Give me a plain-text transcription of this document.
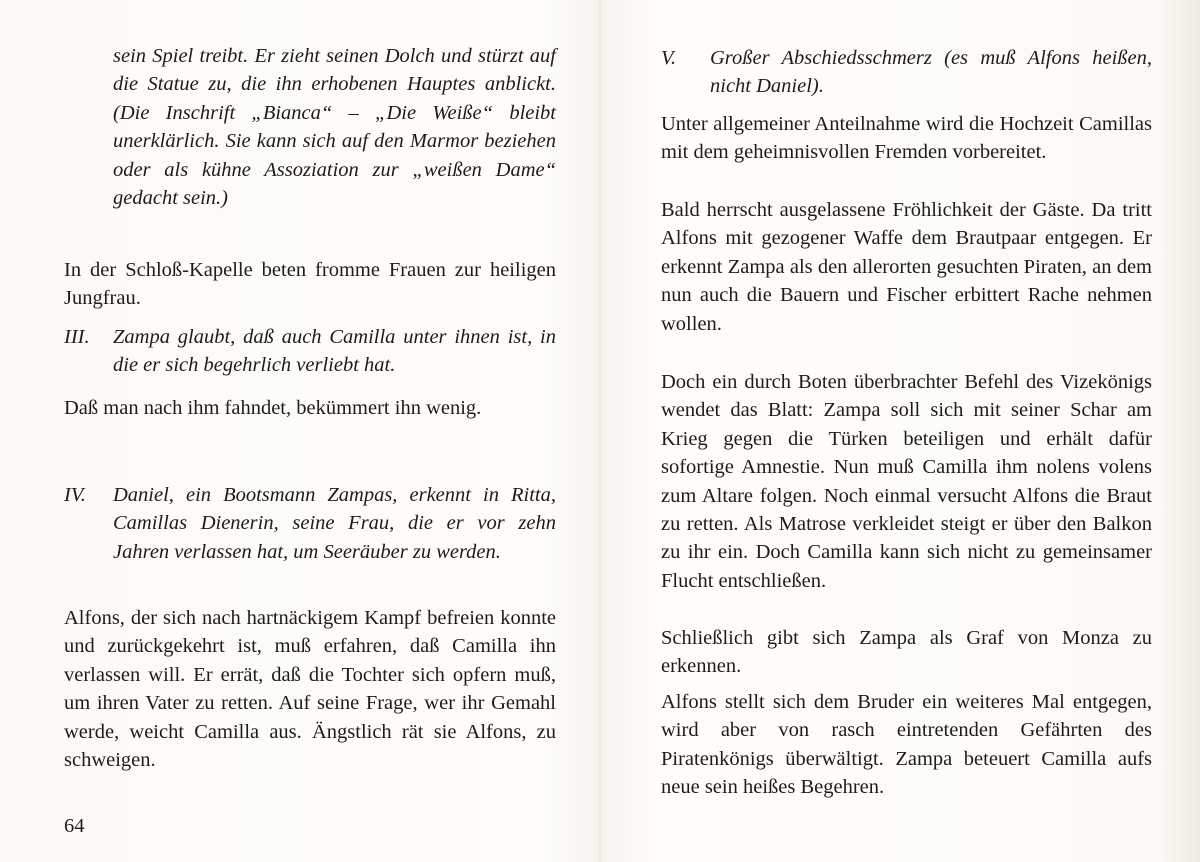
sein Spiel treibt. Er zieht seinen Dolch und stürzt auf die Statue zu, die ihn erhobenen Hauptes anblickt. (Die Inschrift „Bianca“ – „Die Weiße“ bleibt unerklärlich. Sie kann sich auf den Marmor beziehen oder als kühne Assoziation zur „weißen Dame“ gedacht sein.)

In der Schloß-Kapelle beten fromme Frauen zur heiligen Jungfrau.

III.	Zampa glaubt, daß auch Camilla unter ihnen ist, in die er sich begehrlich verliebt hat.

Daß man nach ihm fahndet, bekümmert ihn wenig.

IV.	Daniel, ein Bootsmann Zampas, erkennt in Ritta, Camillas Dienerin, seine Frau, die er vor zehn Jahren verlassen hat, um Seeräuber zu werden.

Alfons, der sich nach hartnäckigem Kampf befreien konnte und zurückgekehrt ist, muß erfahren, daß Camilla ihn verlassen will. Er errät, daß die Tochter sich opfern muß, um ihren Vater zu retten. Auf seine Frage, wer ihr Gemahl werde, weicht Camilla aus. Ängstlich rät sie Alfons, zu schweigen.

64

V.	Großer Abschiedsschmerz (es muß Alfons heißen, nicht Daniel).

Unter allgemeiner Anteilnahme wird die Hochzeit Camillas mit dem geheimnisvollen Fremden vorbereitet.

Bald herrscht ausgelassene Fröhlichkeit der Gäste. Da tritt Alfons mit gezogener Waffe dem Brautpaar entgegen. Er erkennt Zampa als den allerorten gesuchten Piraten, an dem nun auch die Bauern und Fischer erbittert Rache nehmen wollen.

Doch ein durch Boten überbrachter Befehl des Vizekönigs wendet das Blatt: Zampa soll sich mit seiner Schar am Krieg gegen die Türken beteiligen und erhält dafür sofortige Amnestie. Nun muß Camilla ihm nolens volens zum Altare folgen. Noch einmal versucht Alfons die Braut zu retten. Als Matrose verkleidet steigt er über den Balkon zu ihr ein. Doch Camilla kann sich nicht zu gemeinsamer Flucht entschließen.

Schließlich gibt sich Zampa als Graf von Monza zu erkennen.

Alfons stellt sich dem Bruder ein weiteres Mal entgegen, wird aber von rasch eintretenden Gefährten des Piratenkönigs überwältigt. Zampa beteuert Camilla aufs neue sein heißes Begehren.
